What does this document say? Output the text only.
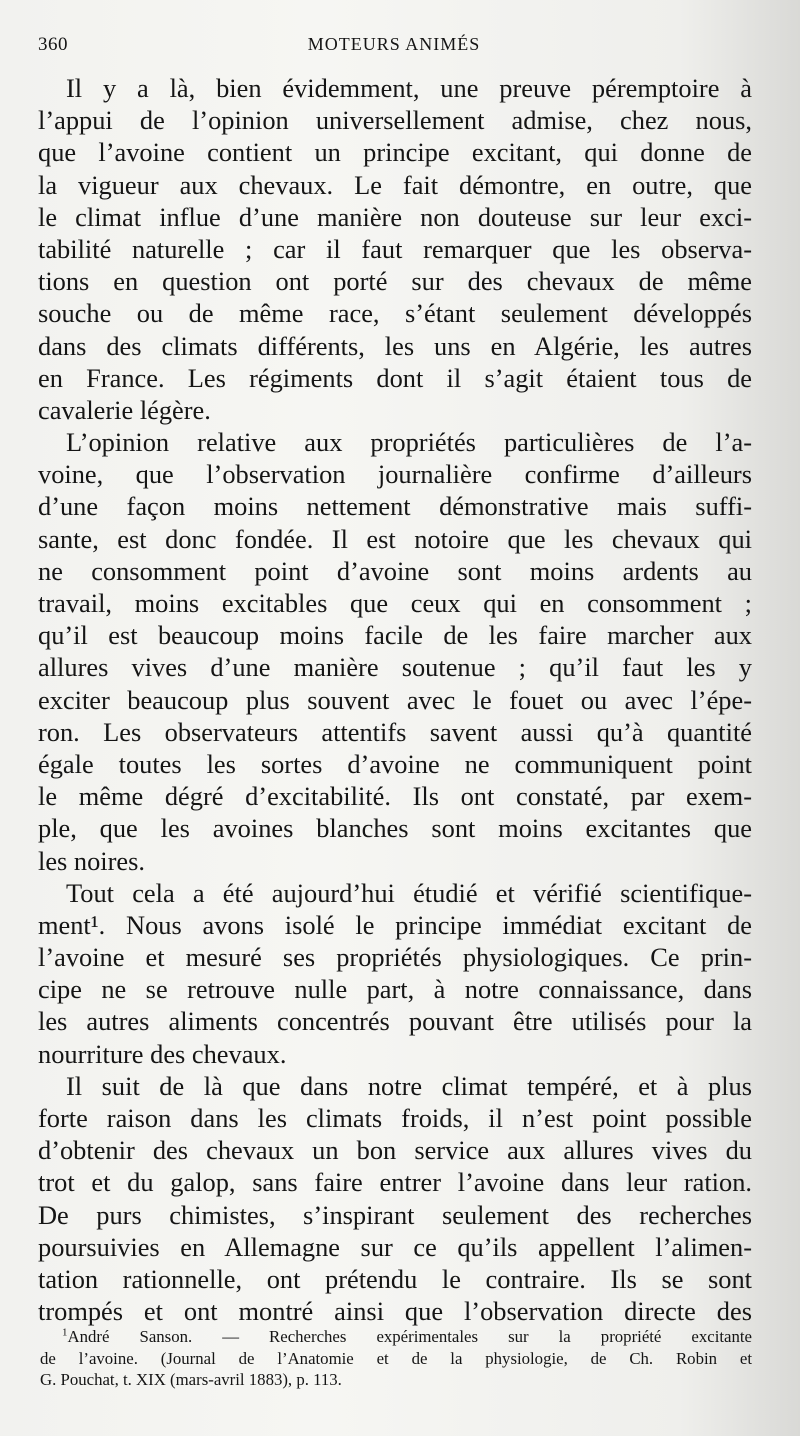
360	MOTEURS ANIMÉS
Il y a là, bien évidemment, une preuve péremptoire à
l’appui de l’opinion universellement admise, chez nous,
que l’avoine contient un principe excitant, qui donne de
la vigueur aux chevaux. Le fait démontre, en outre, que
le climat influe d’une manière non douteuse sur leur exci-
tabilité naturelle ; car il faut remarquer que les observa-
tions en question ont porté sur des chevaux de même
souche ou de même race, s’étant seulement développés
dans des climats différents, les uns en Algérie, les autres
en France. Les régiments dont il s’agit étaient tous de
cavalerie légère.
L’opinion relative aux propriétés particulières de l’a-
voine, que l’observation journalière confirme d’ailleurs
d’une façon moins nettement démonstrative mais suffi-
sante, est donc fondée. Il est notoire que les chevaux qui
ne consomment point d’avoine sont moins ardents au
travail, moins excitables que ceux qui en consomment ;
qu’il est beaucoup moins facile de les faire marcher aux
allures vives d’une manière soutenue ; qu’il faut les y
exciter beaucoup plus souvent avec le fouet ou avec l’épe-
ron. Les observateurs attentifs savent aussi qu’à quantité
égale toutes les sortes d’avoine ne communiquent point
le même dégré d’excitabilité. Ils ont constaté, par exem-
ple, que les avoines blanches sont moins excitantes que
les noires.
Tout cela a été aujourd’hui étudié et vérifié scientifique-
ment¹. Nous avons isolé le principe immédiat excitant de
l’avoine et mesuré ses propriétés physiologiques. Ce prin-
cipe ne se retrouve nulle part, à notre connaissance, dans
les autres aliments concentrés pouvant être utilisés pour la
nourriture des chevaux.
Il suit de là que dans notre climat tempéré, et à plus
forte raison dans les climats froids, il n’est point possible
d’obtenir des chevaux un bon service aux allures vives du
trot et du galop, sans faire entrer l’avoine dans leur ration.
De purs chimistes, s’inspirant seulement des recherches
poursuivies en Allemagne sur ce qu’ils appellent l’alimen-
tation rationnelle, ont prétendu le contraire. Ils se sont
trompés et ont montré ainsi que l’observation directe des
$^1$André Sanson. — Recherches expérimentales sur la propriété excitante
de l’avoine. (Journal de l’Anatomie et de la physiologie, de Ch. Robin et
G. Pouchat, t. XIX (mars-avril 1883), p. 113.
